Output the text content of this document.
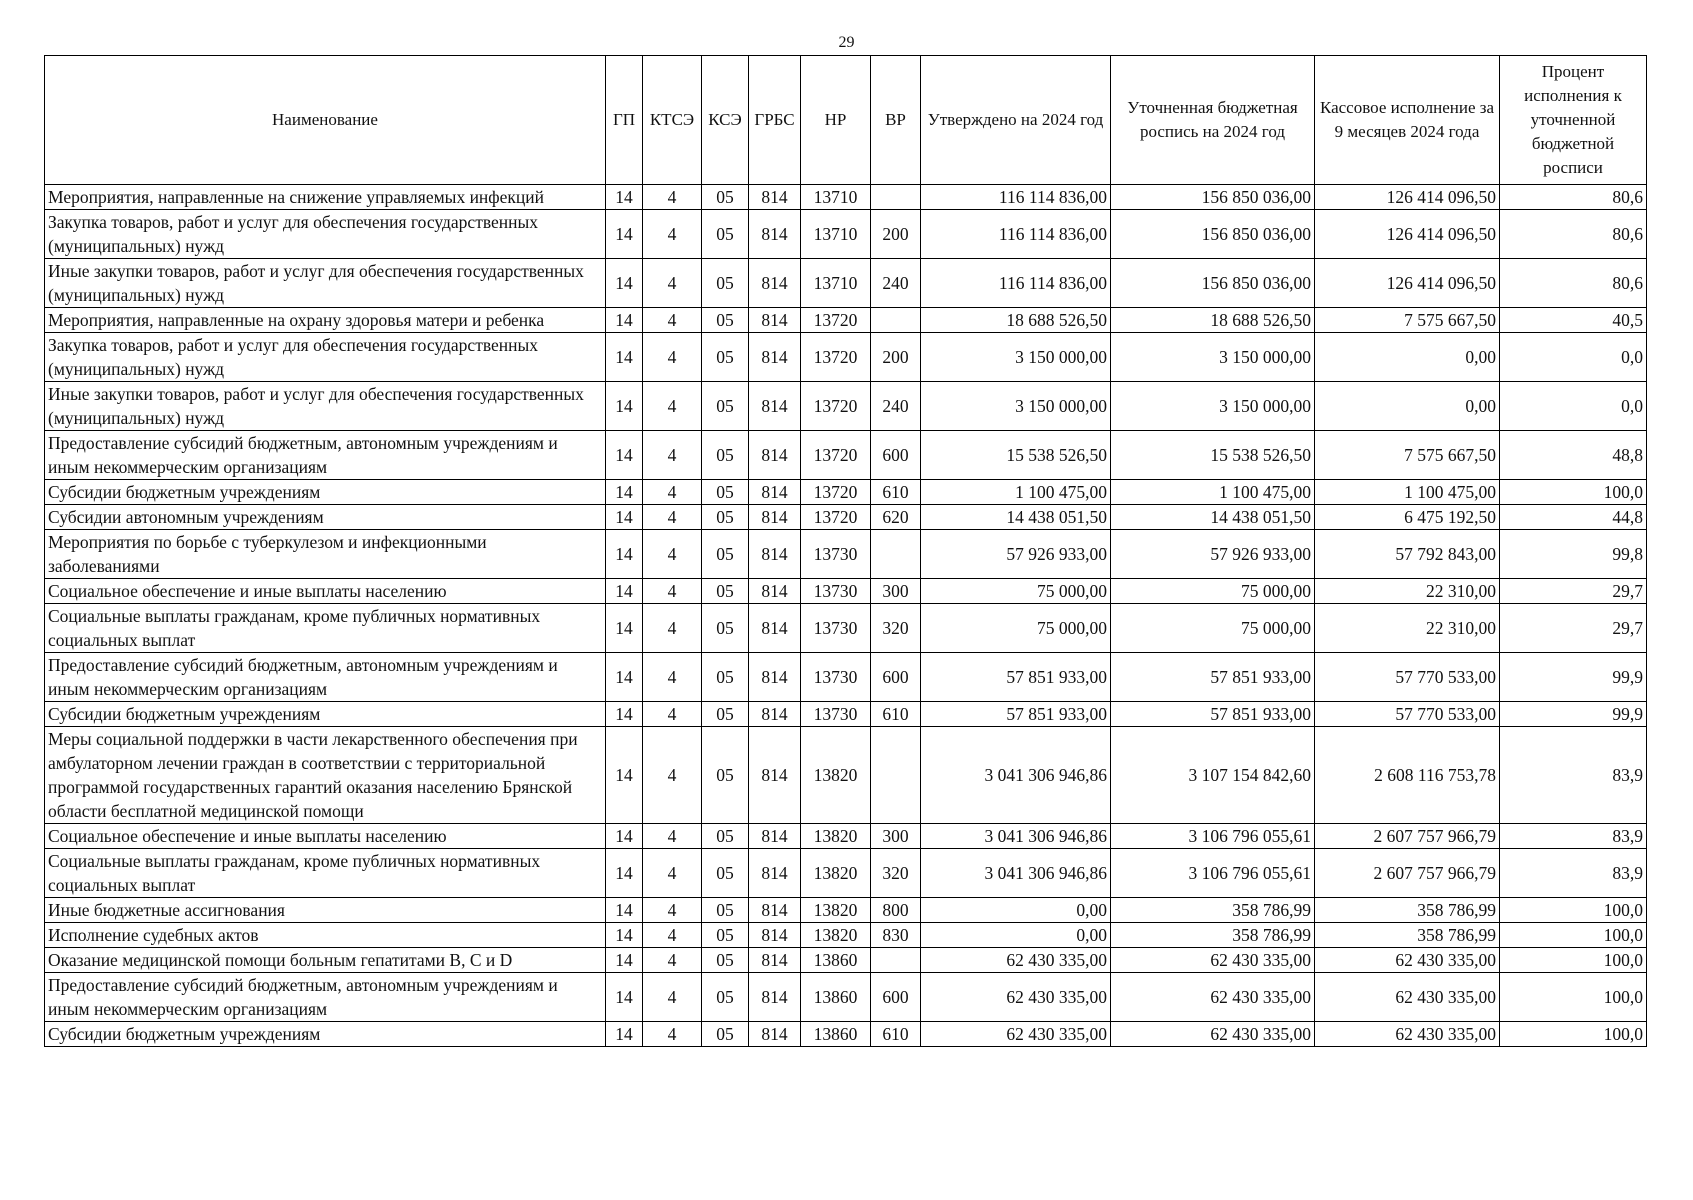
29
Наименование	ГП	КТСЭ	КСЭ	ГРБС	НР	ВР	Утверждено на 2024 год	Уточненная бюджетная роспись на 2024 год	Кассовое исполнение за 9 месяцев 2024 года	Процент исполнения к уточненной бюджетной росписи
Мероприятия, направленные на снижение управляемых инфекций	14	4	05	814	13710		116 114 836,00	156 850 036,00	126 414 096,50	80,6
Закупка товаров, работ и услуг для обеспечения государственных (муниципальных) нужд	14	4	05	814	13710	200	116 114 836,00	156 850 036,00	126 414 096,50	80,6
Иные закупки товаров, работ и услуг для обеспечения государственных (муниципальных) нужд	14	4	05	814	13710	240	116 114 836,00	156 850 036,00	126 414 096,50	80,6
Мероприятия, направленные на охрану здоровья матери и ребенка	14	4	05	814	13720		18 688 526,50	18 688 526,50	7 575 667,50	40,5
Закупка товаров, работ и услуг для обеспечения государственных (муниципальных) нужд	14	4	05	814	13720	200	3 150 000,00	3 150 000,00	0,00	0,0
Иные закупки товаров, работ и услуг для обеспечения государственных (муниципальных) нужд	14	4	05	814	13720	240	3 150 000,00	3 150 000,00	0,00	0,0
Предоставление субсидий бюджетным, автономным учреждениям и иным некоммерческим организациям	14	4	05	814	13720	600	15 538 526,50	15 538 526,50	7 575 667,50	48,8
Субсидии бюджетным учреждениям	14	4	05	814	13720	610	1 100 475,00	1 100 475,00	1 100 475,00	100,0
Субсидии автономным учреждениям	14	4	05	814	13720	620	14 438 051,50	14 438 051,50	6 475 192,50	44,8
Мероприятия по борьбе с туберкулезом и инфекционными заболеваниями	14	4	05	814	13730		57 926 933,00	57 926 933,00	57 792 843,00	99,8
Социальное обеспечение и иные выплаты населению	14	4	05	814	13730	300	75 000,00	75 000,00	22 310,00	29,7
Социальные выплаты гражданам, кроме публичных нормативных социальных выплат	14	4	05	814	13730	320	75 000,00	75 000,00	22 310,00	29,7
Предоставление субсидий бюджетным, автономным учреждениям и иным некоммерческим организациям	14	4	05	814	13730	600	57 851 933,00	57 851 933,00	57 770 533,00	99,9
Субсидии бюджетным учреждениям	14	4	05	814	13730	610	57 851 933,00	57 851 933,00	57 770 533,00	99,9
Меры социальной поддержки в части лекарственного обеспечения при амбулаторном лечении граждан в соответствии с территориальной программой государственных гарантий оказания населению Брянской области бесплатной медицинской помощи	14	4	05	814	13820		3 041 306 946,86	3 107 154 842,60	2 608 116 753,78	83,9
Социальное обеспечение и иные выплаты населению	14	4	05	814	13820	300	3 041 306 946,86	3 106 796 055,61	2 607 757 966,79	83,9
Социальные выплаты гражданам, кроме публичных нормативных социальных выплат	14	4	05	814	13820	320	3 041 306 946,86	3 106 796 055,61	2 607 757 966,79	83,9
Иные бюджетные ассигнования	14	4	05	814	13820	800	0,00	358 786,99	358 786,99	100,0
Исполнение судебных актов	14	4	05	814	13820	830	0,00	358 786,99	358 786,99	100,0
Оказание медицинской помощи больным гепатитами B, C и D	14	4	05	814	13860		62 430 335,00	62 430 335,00	62 430 335,00	100,0
Предоставление субсидий бюджетным, автономным учреждениям и иным некоммерческим организациям	14	4	05	814	13860	600	62 430 335,00	62 430 335,00	62 430 335,00	100,0
Субсидии бюджетным учреждениям	14	4	05	814	13860	610	62 430 335,00	62 430 335,00	62 430 335,00	100,0
